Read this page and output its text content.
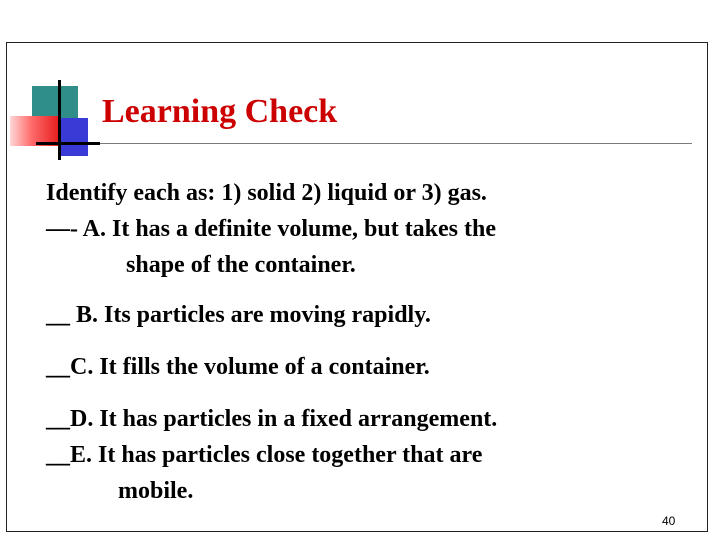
Learning Check
Identify each as: 1) solid 2) liquid or 3) gas.
—- A. It has a definite volume, but takes the
shape of the container.
__ B. Its particles are moving rapidly.
__C. It fills the volume of a container.
__D. It has particles in a fixed arrangement.
__E. It has particles close together that are
mobile.
40
